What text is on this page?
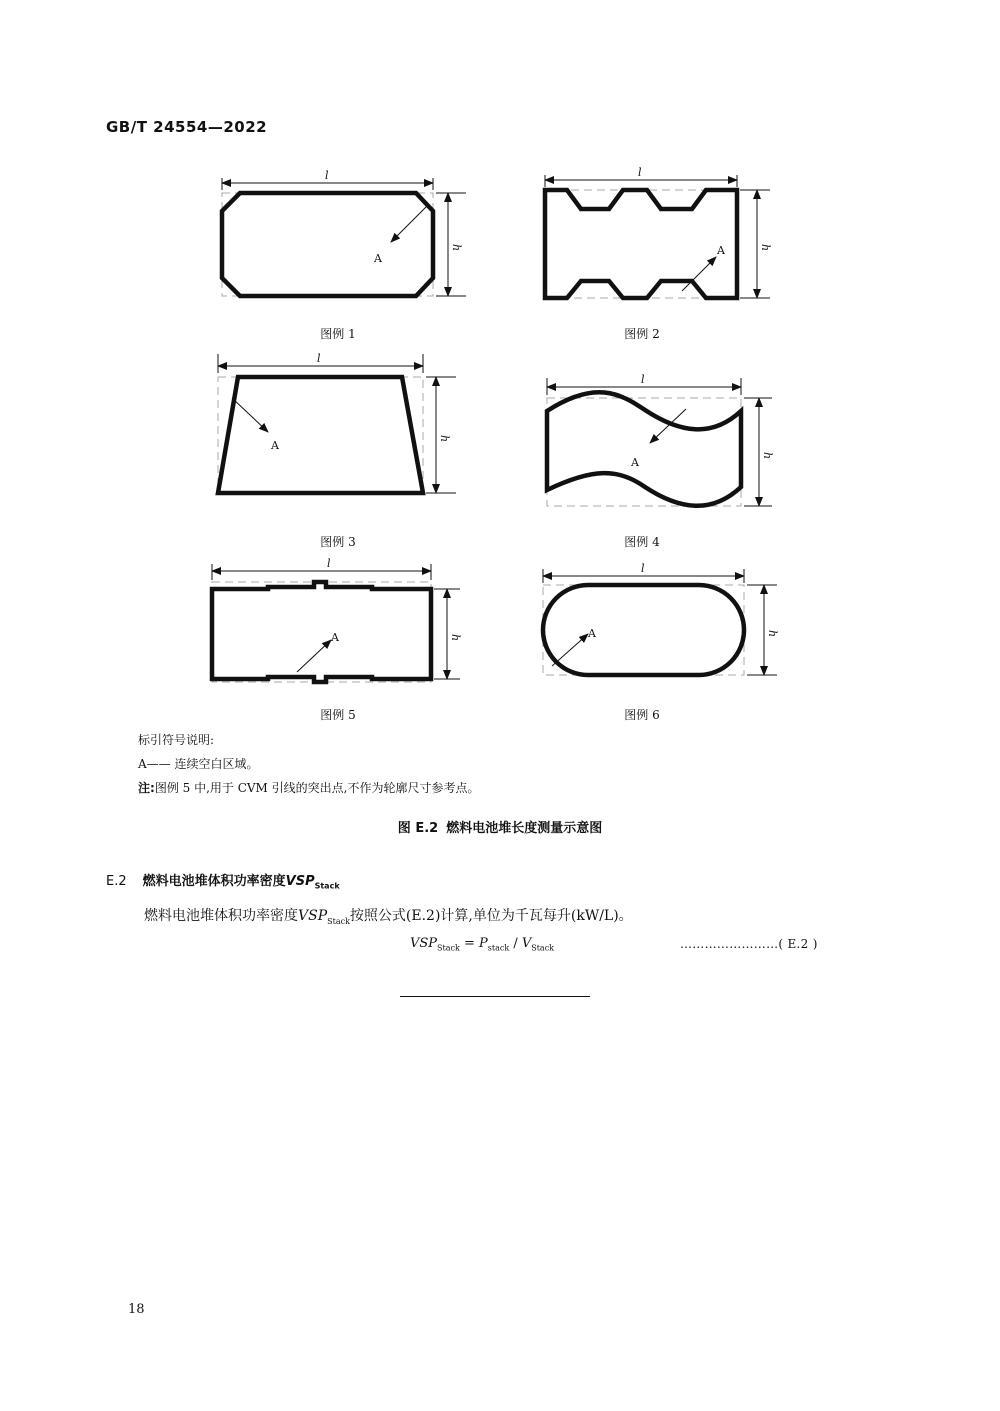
GB/T 24554—2022
l	l
l
l
l	l
h	h
h
h
h
h
A
A
A
A
A	A
图例 1	图例 2
图例 3	图例 4
图例 5	图例 6
标引符号说明:
A—— 连续空白区域。
注:图例 5 中,用于 CVM 引线的突出点,不作为轮廓尺寸参考点。
图 E.2 燃料电池堆长度测量示意图
E.2 燃料电池堆体积功率密度$VSP_{Stack}$
燃料电池堆体积功率密度$VSP_{Stack}$按照公式(E.2)计算,单位为千瓦每升(kW/L)。
$VSP_{Stack} = P_{stack} / V_{Stack}$	……………………( E.2 )
18
